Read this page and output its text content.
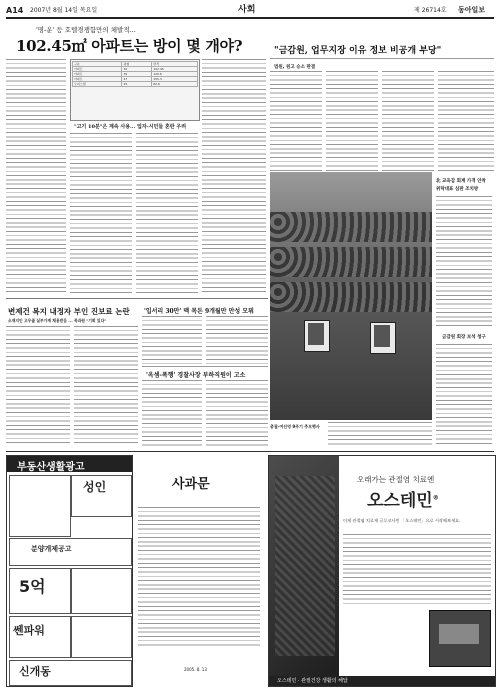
A14 2007년 8월 14일 목요일	사회	제 26714호 동아일보
'명-운' 등 호텔경쟁함만의 체발적...
102.45㎡ 아파트는 방이 몇 개야?
구분	평형	면적
아파트	32	102.45
아파트	39	129.6
아파트	47	155.3
오피스텔	25	82.6
"고기 10분"은 계속 사용... 업자-시민들 혼란 우려
"금감원, 업무지장 이유 정보 비공개 부당"
법원, 원고 승소 판결
총궐-여선영 9주기 추모행사
北 교육감 회계 가격 안착
위탁대표 심판 조치방
금감원 회장 보석 청구
변제건 복지 내정자 부인 진보료 논란
소재지인 고무줄 실부가계 채용받음 ... 목과원 "기회 있다"
'입서리 30만' 맥 목돈 9개월만 만성 모뭐
'옥셈-폭행' 경찰사장 부하직원이 고소
부동산생활광고
성인
분양개제공고
5억
쎈파워
신개동
사과문
2005. 8. 13
오래가는 관절염 치료엔
오스테민®
이제 관절염 치료제 글루코사민 「오스테민」으로 시작해보세요.
오스테민 · 관절건강 생활의 해답
